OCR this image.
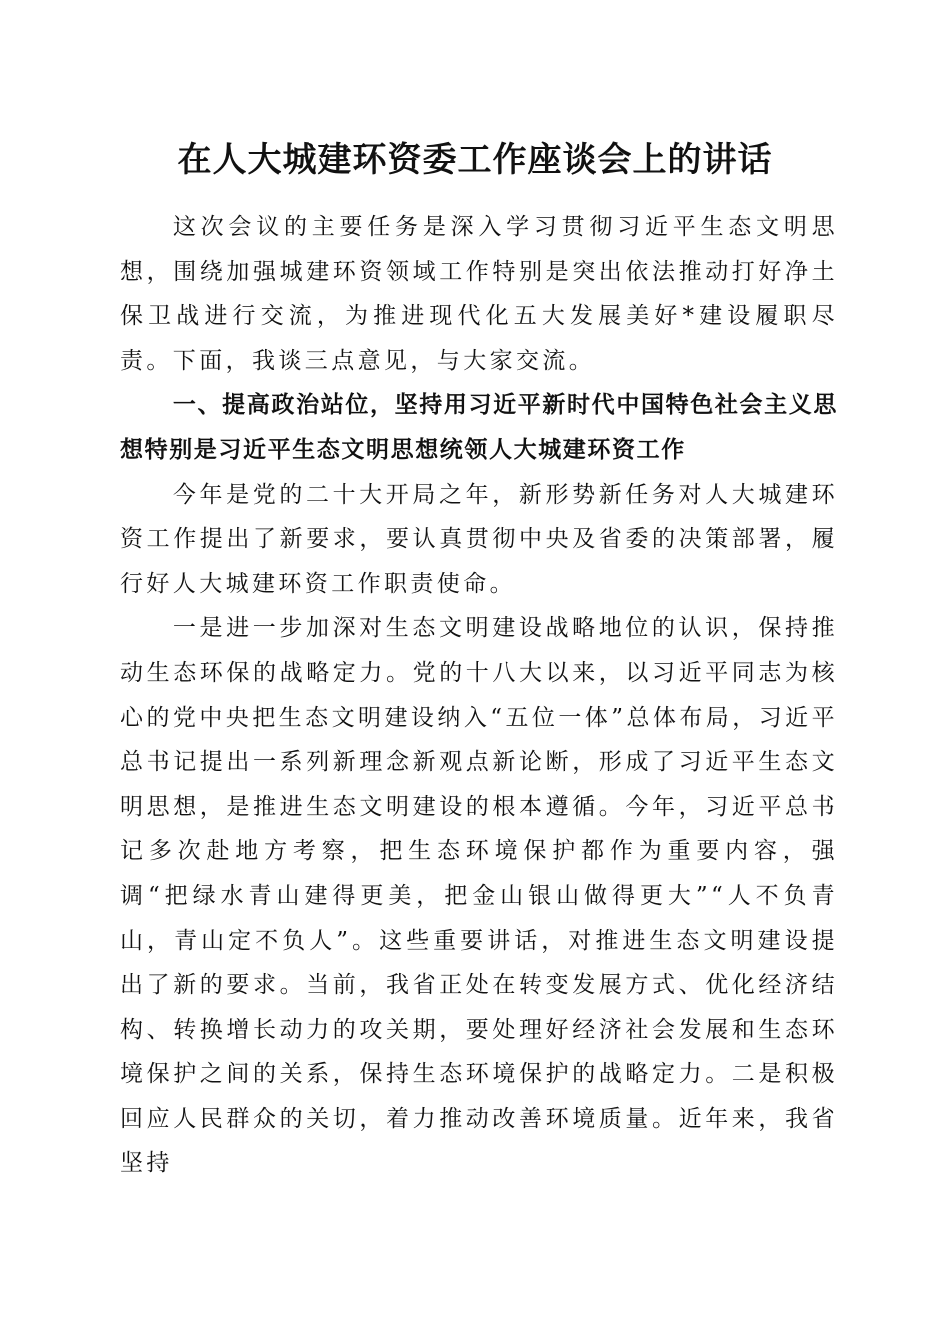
在人大城建环资委工作座谈会上的讲话

这次会议的主要任务是深入学习贯彻习近平生态文明思想，围绕加强城建环资领域工作特别是突出依法推动打好净土保卫战进行交流，为推进现代化五大发展美好*建设履职尽责。下面，我谈三点意见，与大家交流。

一、提高政治站位，坚持用习近平新时代中国特色社会主义思想特别是习近平生态文明思想统领人大城建环资工作

今年是党的二十大开局之年，新形势新任务对人大城建环资工作提出了新要求，要认真贯彻中央及省委的决策部署，履行好人大城建环资工作职责使命。

一是进一步加深对生态文明建设战略地位的认识，保持推动生态环保的战略定力。党的十八大以来，以习近平同志为核心的党中央把生态文明建设纳入“五位一体”总体布局，习近平总书记提出一系列新理念新观点新论断，形成了习近平生态文明思想，是推进生态文明建设的根本遵循。今年，习近平总书记多次赴地方考察，把生态环境保护都作为重要内容，强调“把绿水青山建得更美，把金山银山做得更大”“人不负青山，青山定不负人”。这些重要讲话，对推进生态文明建设提出了新的要求。当前，我省正处在转变发展方式、优化经济结构、转换增长动力的攻关期，要处理好经济社会发展和生态环境保护之间的关系，保持生态环境保护的战略定力。二是积极回应人民群众的关切，着力推动改善环境质量。近年来，我省坚持
